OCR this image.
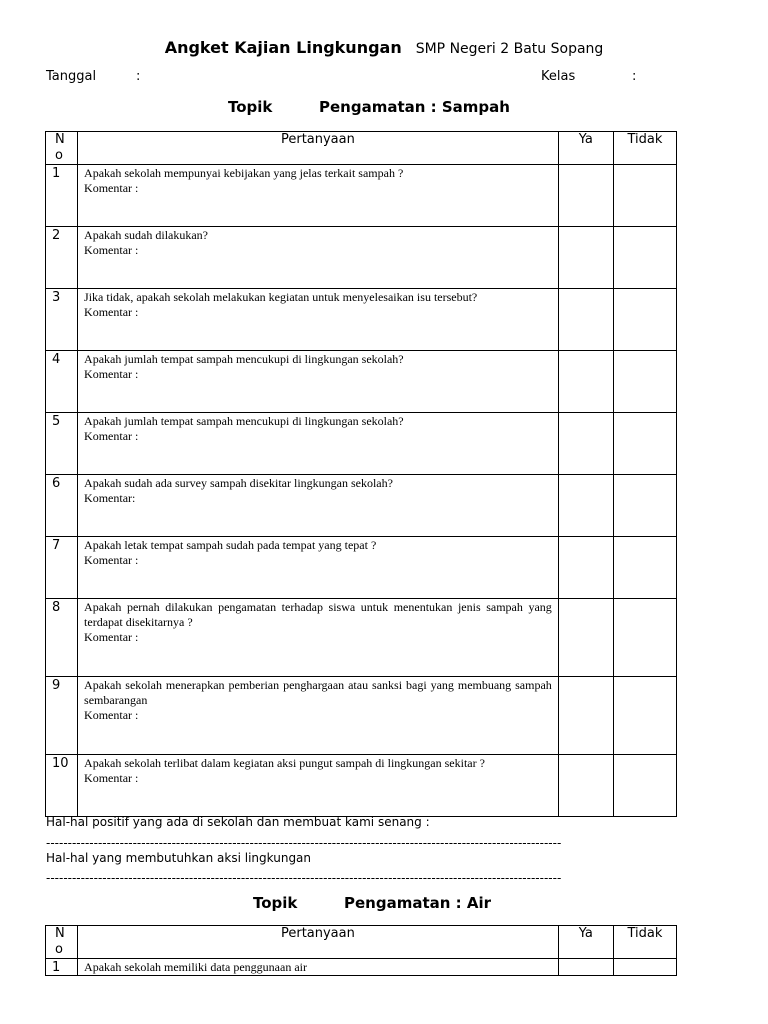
Angket Kajian Lingkungan SMP Negeri 2 Batu Sopang
Tanggal	:	Kelas	:
Topik	Pengamatan : Sampah
N
o	Pertanyaan	Ya	Tidak
1	Apakah sekolah mempunyai kebijakan yang jelas terkait sampah ?
Komentar :		

2	Apakah sudah dilakukan?
Komentar :		

3	Jika tidak, apakah sekolah melakukan kegiatan untuk menyelesaikan isu tersebut?
Komentar :		

4	Apakah jumlah tempat sampah mencukupi di lingkungan sekolah?
Komentar :		

5	Apakah jumlah tempat sampah mencukupi di lingkungan sekolah?
Komentar :		

6	Apakah sudah ada survey sampah disekitar lingkungan sekolah?
Komentar:		

7	Apakah letak tempat sampah sudah pada tempat yang tepat ?
Komentar :		

8	Apakah pernah dilakukan pengamatan terhadap siswa untuk menentukan jenis sampah yang terdapat disekitarnya ?
Komentar :		

9	Apakah sekolah menerapkan pemberian penghargaan atau sanksi bagi yang membuang sampah sembarangan
Komentar :		

10	Apakah sekolah terlibat dalam kegiatan aksi pungut sampah di lingkungan sekitar ?
Komentar :		

Hal-hal positif yang ada di sekolah dan membuat kami senang :
-----------------------------------------------------------------------------------------------------------------------
Hal-hal yang membutuhkan aksi lingkungan
-----------------------------------------------------------------------------------------------------------------------
Topik	Pengamatan : Air
N
o	Pertanyaan	Ya	Tidak
1	Apakah sekolah memiliki data penggunaan air		
